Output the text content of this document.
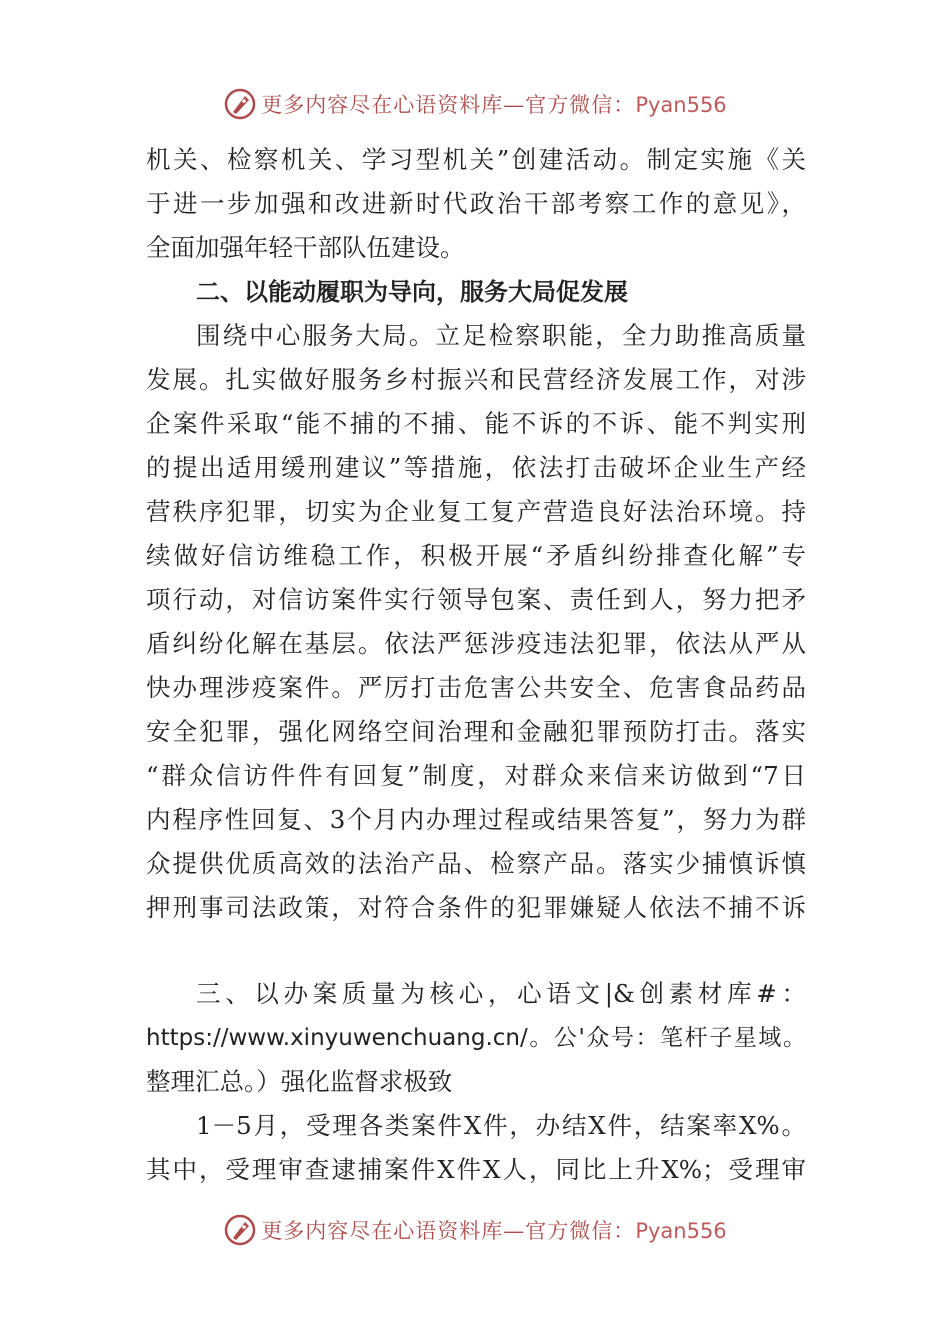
更多内容尽在心语资料库—官方微信：Pyan556
机关、检察机关、学习型机关”创建活动。制定实施《关
于进一步加强和改进新时代政治干部考察工作的意见》，
全面加强年轻干部队伍建设。
二、以能动履职为导向，服务大局促发展
围绕中心服务大局。立足检察职能，全力助推高质量
发展。扎实做好服务乡村振兴和民营经济发展工作，对涉
企案件采取“能不捕的不捕、能不诉的不诉、能不判实刑
的提出适用缓刑建议”等措施，依法打击破坏企业生产经
营秩序犯罪，切实为企业复工复产营造良好法治环境。持
续做好信访维稳工作，积极开展“矛盾纠纷排查化解”专
项行动，对信访案件实行领导包案、责任到人，努力把矛
盾纠纷化解在基层。依法严惩涉疫违法犯罪，依法从严从
快办理涉疫案件。严厉打击危害公共安全、危害食品药品
安全犯罪，强化网络空间治理和金融犯罪预防打击。落实
“群众信访件件有回复”制度，对群众来信来访做到“7日
内程序性回复、3个月内办理过程或结果答复”，努力为群
众提供优质高效的法治产品、检察产品。落实少捕慎诉慎
押刑事司法政策，对符合条件的犯罪嫌疑人依法不捕不诉
三、以办案质量为核心，心语文|&创素材库#：
https://www.xinyuwenchuang.cn/。公'众号：笔杆子星域。
整理汇总。）强化监督求极致
1－5月，受理各类案件X件，办结X件，结案率X%。
其中，受理审查逮捕案件X件X人，同比上升X%；受理审
更多内容尽在心语资料库—官方微信：Pyan556
